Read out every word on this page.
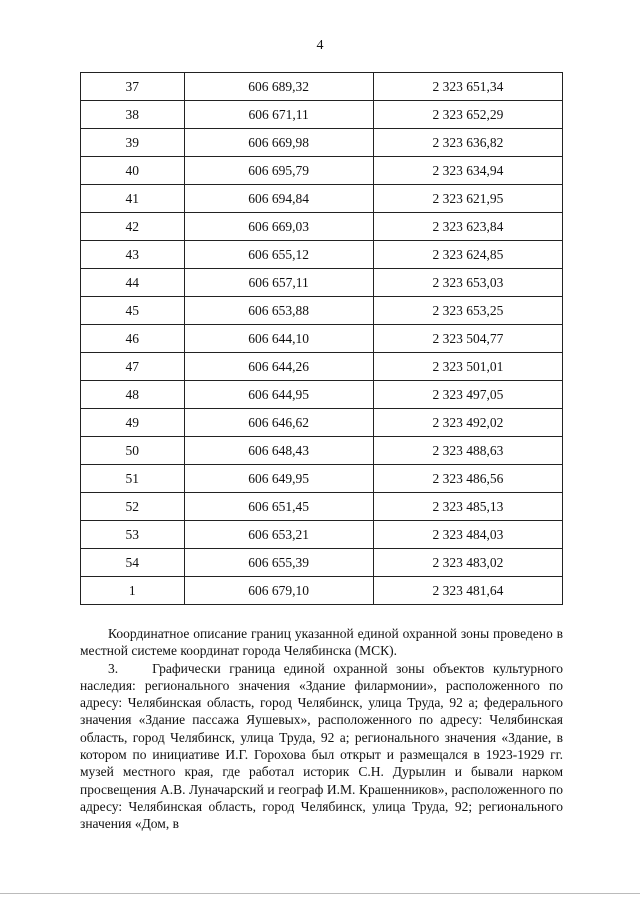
4
37	606 689,32	2 323 651,34
38	606 671,11	2 323 652,29
39	606 669,98	2 323 636,82
40	606 695,79	2 323 634,94
41	606 694,84	2 323 621,95
42	606 669,03	2 323 623,84
43	606 655,12	2 323 624,85
44	606 657,11	2 323 653,03
45	606 653,88	2 323 653,25
46	606 644,10	2 323 504,77
47	606 644,26	2 323 501,01
48	606 644,95	2 323 497,05
49	606 646,62	2 323 492,02
50	606 648,43	2 323 488,63
51	606 649,95	2 323 486,56
52	606 651,45	2 323 485,13
53	606 653,21	2 323 484,03
54	606 655,39	2 323 483,02
1	606 679,10	2 323 481,64

Координатное описание границ указанной единой охранной зоны проведено в местной системе координат города Челябинска (МСК).

3.    Графически граница единой охранной зоны объектов культурного наследия: регионального значения «Здание филармонии», расположенного по адресу: Челябинская область, город Челябинск, улица Труда, 92 а; федерального значения «Здание пассажа Яушевых», расположенного по адресу: Челябинская область, город Челябинск, улица Труда, 92 а; регионального значения «Здание, в котором по инициативе И.Г. Горохова был открыт и размещался в 1923-1929 гг. музей местного края, где работал историк С.Н. Дурылин и бывали нарком просвещения А.В. Луначарский и географ И.М. Крашенников», расположенного по адресу: Челябинская область, город Челябинск, улица Труда, 92; регионального значения «Дом, в
